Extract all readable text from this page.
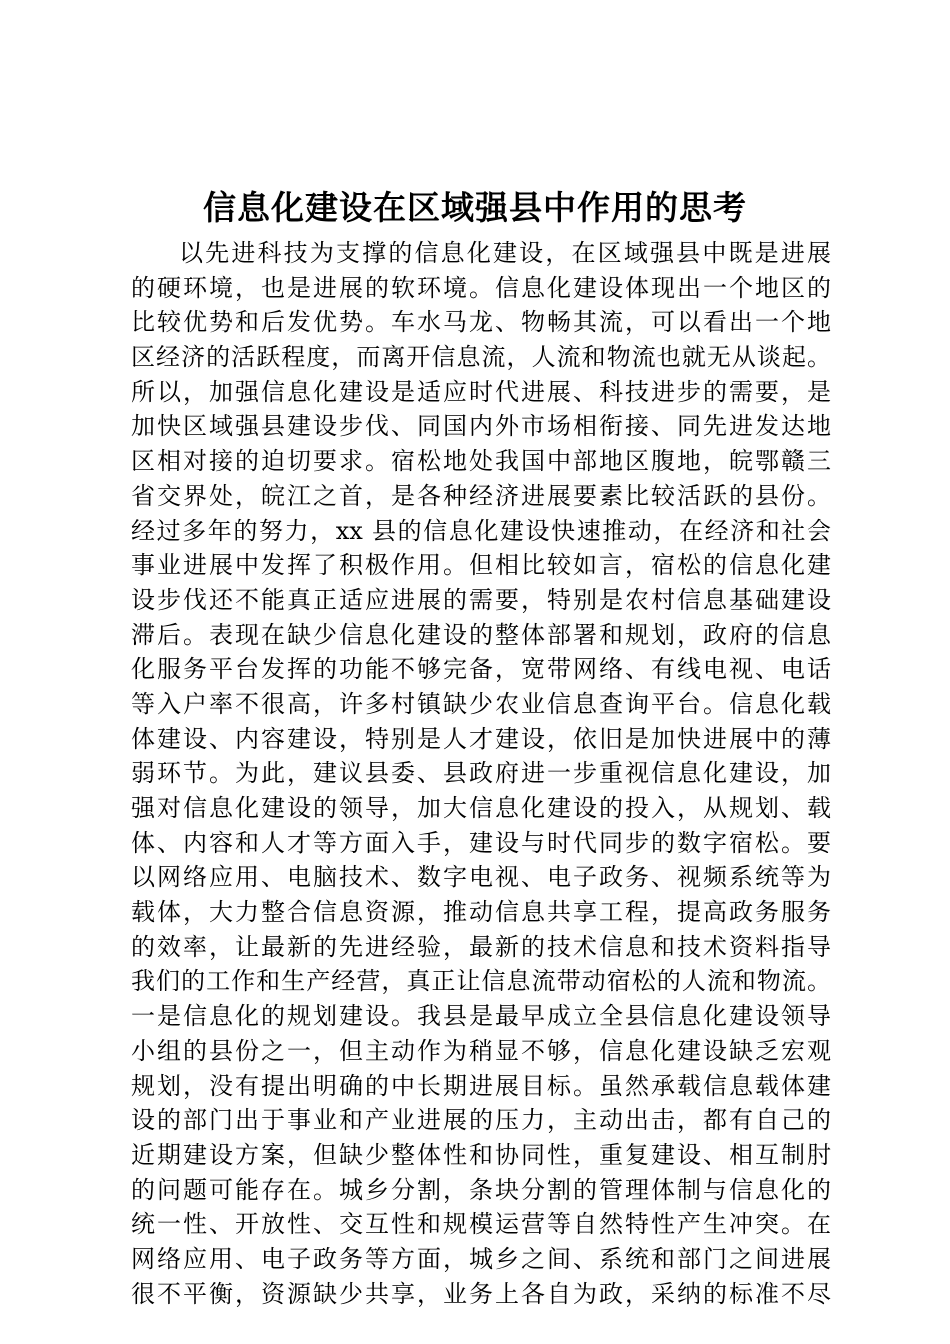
信息化建设在区域强县中作用的思考
以先进科技为支撑的信息化建设，在区域强县中既是进展
的硬环境，也是进展的软环境。信息化建设体现出一个地区的
比较优势和后发优势。车水马龙、物畅其流，可以看出一个地
区经济的活跃程度，而离开信息流，人流和物流也就无从谈起。
所以，加强信息化建设是适应时代进展、科技进步的需要，是
加快区域强县建设步伐、同国内外市场相衔接、同先进发达地
区相对接的迫切要求。宿松地处我国中部地区腹地，皖鄂赣三
省交界处，皖江之首，是各种经济进展要素比较活跃的县份。
经过多年的努力，xx 县的信息化建设快速推动，在经济和社会
事业进展中发挥了积极作用。但相比较如言，宿松的信息化建
设步伐还不能真正适应进展的需要，特别是农村信息基础建设
滞后。表现在缺少信息化建设的整体部署和规划，政府的信息
化服务平台发挥的功能不够完备，宽带网络、有线电视、电话
等入户率不很高，许多村镇缺少农业信息查询平台。信息化载
体建设、内容建设，特别是人才建设，依旧是加快进展中的薄
弱环节。为此，建议县委、县政府进一步重视信息化建设，加
强对信息化建设的领导，加大信息化建设的投入，从规划、载
体、内容和人才等方面入手，建设与时代同步的数字宿松。要
以网络应用、电脑技术、数字电视、电子政务、视频系统等为
载体，大力整合信息资源，推动信息共享工程，提高政务服务
的效率，让最新的先进经验，最新的技术信息和技术资料指导
我们的工作和生产经营，真正让信息流带动宿松的人流和物流。
一是信息化的规划建设。我县是最早成立全县信息化建设领导
小组的县份之一，但主动作为稍显不够，信息化建设缺乏宏观
规划，没有提出明确的中长期进展目标。虽然承载信息载体建
设的部门出于事业和产业进展的压力，主动出击，都有自己的
近期建设方案，但缺少整体性和协同性，重复建设、相互制肘
的问题可能存在。城乡分割，条块分割的管理体制与信息化的
统一性、开放性、交互性和规模运营等自然特性产生冲突。在
网络应用、电子政务等方面，城乡之间、系统和部门之间进展
很不平衡，资源缺少共享，业务上各自为政，采纳的标准不尽
